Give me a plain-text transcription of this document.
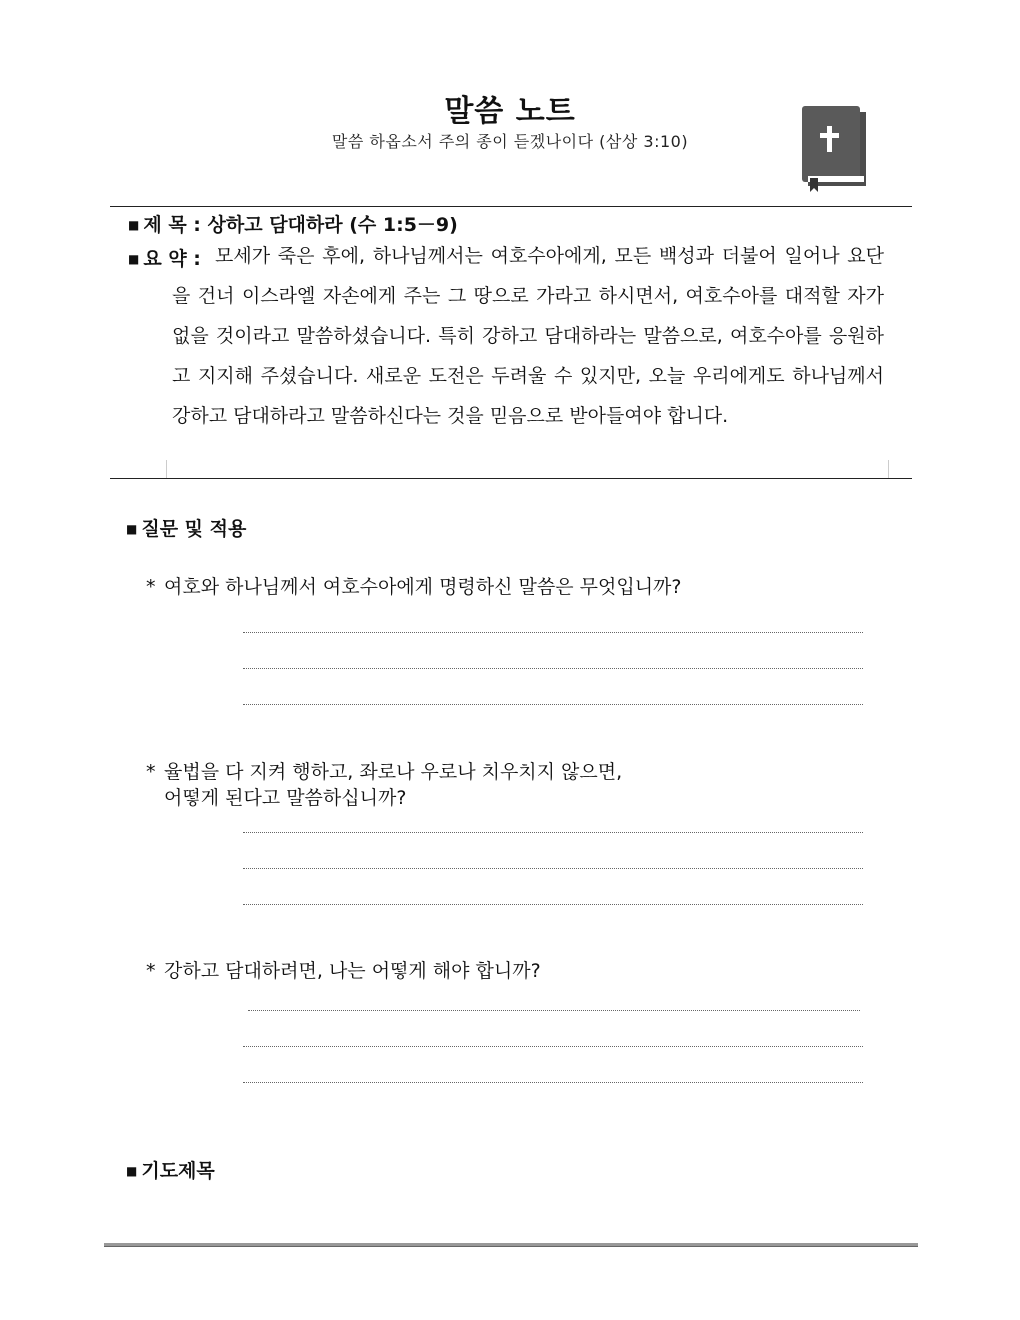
말씀 노트
말씀 하옵소서 주의 종이 듣겠나이다 (삼상 3:10)
■ 제 목 : 상하고 담대하라 (수 1:5－9)
■ 요 약 : 모세가 죽은 후에, 하나님께서는 여호수아에게, 모든 백성과 더불어 일어나 요단을 건너 이스라엘 자손에게 주는 그 땅으로 가라고 하시면서, 여호수아를 대적할 자가 없을 것이라고 말씀하셨습니다. 특히 강하고 담대하라는 말씀으로, 여호수아를 응원하고 지지해 주셨습니다. 새로운 도전은 두려울 수 있지만, 오늘 우리에게도 하나님께서 강하고 담대하라고 말씀하신다는 것을 믿음으로 받아들여야 합니다.
■ 질문 및 적용
* 여호와 하나님께서 여호수아에게 명령하신 말씀은 무엇입니까?
* 율법을 다 지켜 행하고, 좌로나 우로나 치우치지 않으면,
어떻게 된다고 말씀하십니까?
* 강하고 담대하려면, 나는 어떻게 해야 합니까?
■ 기도제목
